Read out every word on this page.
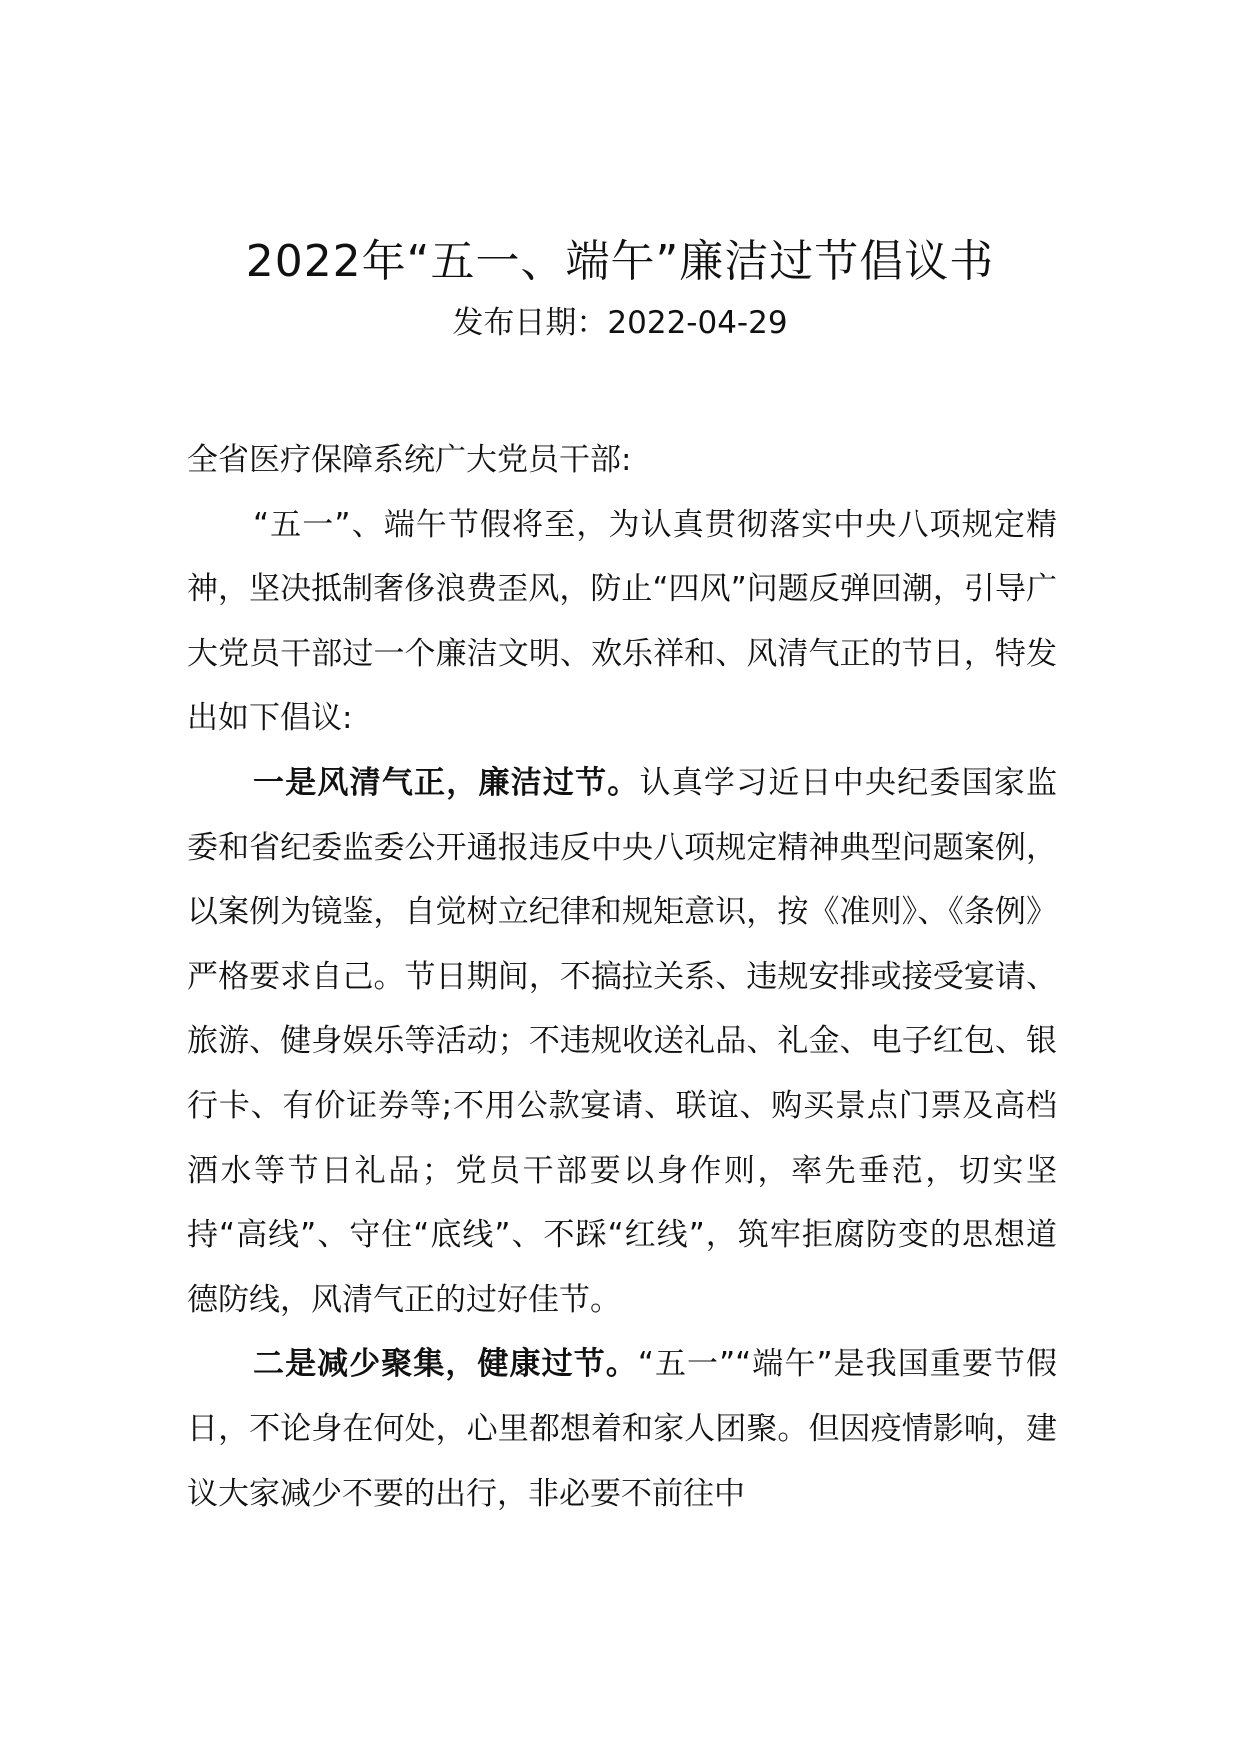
2022年“五一、端午”廉洁过节倡议书
发布日期：2022-04-29

全省医疗保障系统广大党员干部:

“五一”、端午节假将至，为认真贯彻落实中央八项规定精神，坚决抵制奢侈浪费歪风，防止“四风”问题反弹回潮，引导广大党员干部过一个廉洁文明、欢乐祥和、风清气正的节日，特发出如下倡议:

一是风清气正，廉洁过节。认真学习近日中央纪委国家监委和省纪委监委公开通报违反中央八项规定精神典型问题案例，以案例为镜鉴，自觉树立纪律和规矩意识，按《准则》、《条例》严格要求自己。节日期间，不搞拉关系、违规安排或接受宴请、旅游、健身娱乐等活动；不违规收送礼品、礼金、电子红包、银行卡、有价证券等;不用公款宴请、联谊、购买景点门票及高档酒水等节日礼品；党员干部要以身作则，率先垂范，切实坚持“高线”、守住“底线”、不踩“红线”，筑牢拒腐防变的思想道德防线，风清气正的过好佳节。

二是减少聚集，健康过节。“五一”“端午”是我国重要节假日，不论身在何处，心里都想着和家人团聚。但因疫情影响，建议大家减少不要的出行，非必要不前往中
